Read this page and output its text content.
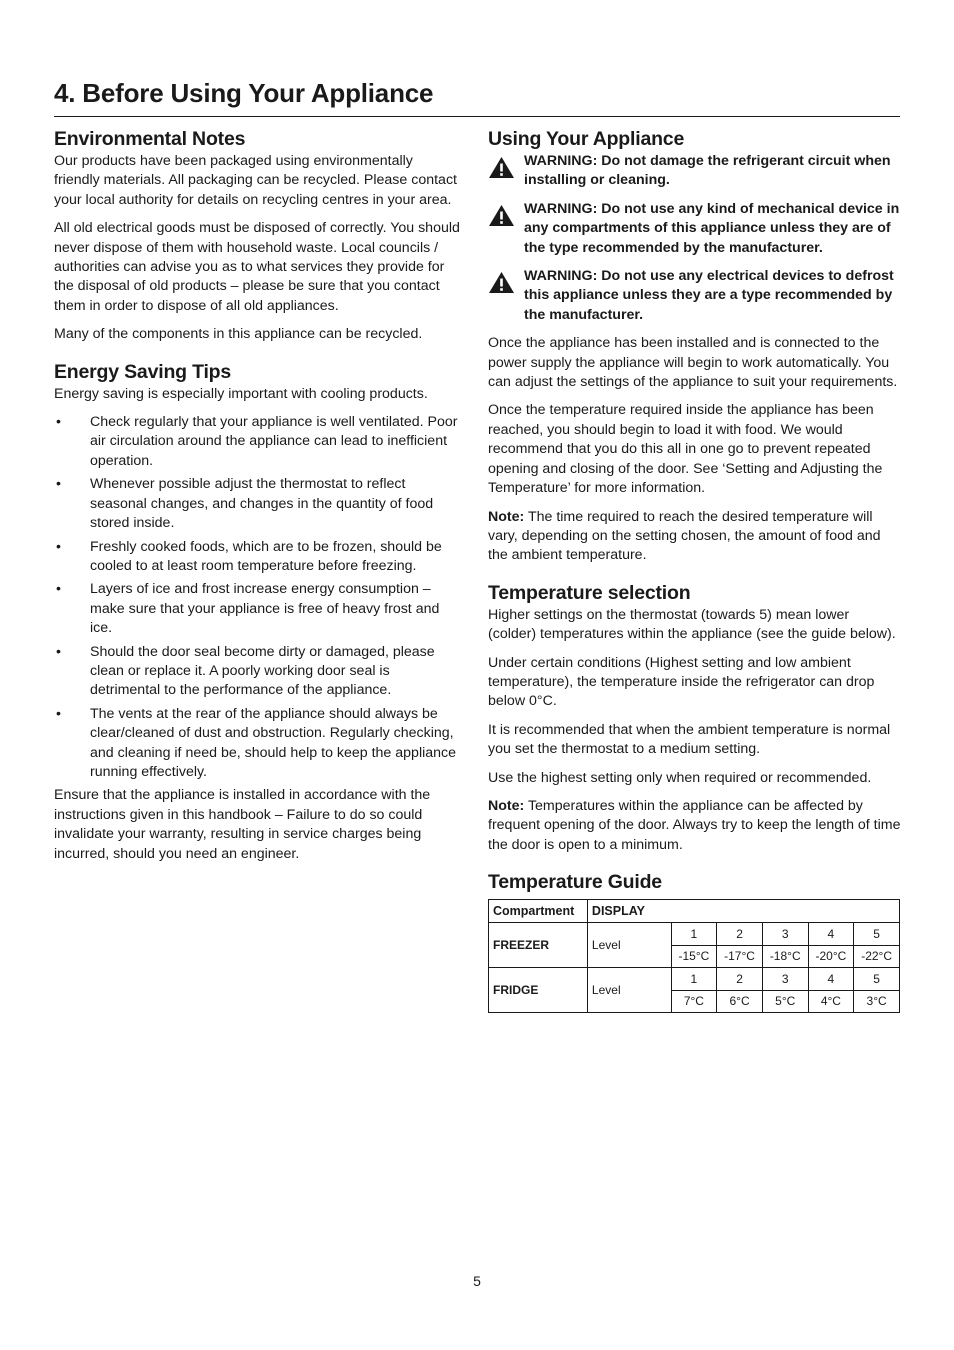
4. Before Using Your Appliance
Environmental Notes

Our products have been packaged using environmentally friendly materials. All packaging can be recycled. Please contact your local authority for details on recycling centres in your area.

All old electrical goods must be disposed of correctly. You should never dispose of them with household waste. Local councils / authorities can advise you as to what services they provide for the disposal of old products – please be sure that you contact them in order to dispose of all old appliances.

Many of the components in this appliance can be recycled.

Energy Saving Tips

Energy saving is especially important with cooling products.

• Check regularly that your appliance is well ventilated. Poor air circulation around the appliance can lead to inefficient operation.
• Whenever possible adjust the thermostat to reflect seasonal changes, and changes in the quantity of food stored inside.
• Freshly cooked foods, which are to be frozen, should be cooled to at least room temperature before freezing.
• Layers of ice and frost increase energy consumption – make sure that your appliance is free of heavy frost and ice.
• Should the door seal become dirty or damaged, please clean or replace it. A poorly working door seal is detrimental to the performance of the appliance.
• The vents at the rear of the appliance should always be clear/cleaned of dust and obstruction. Regularly checking, and cleaning if need be, should help to keep the appliance running effectively.

Ensure that the appliance is installed in accordance with the instructions given in this handbook – Failure to do so could invalidate your warranty, resulting in service charges being incurred, should you need an engineer.

Using Your Appliance
WARNING: Do not damage the refrigerant circuit when installing or cleaning.
WARNING: Do not use any kind of mechanical device in any compartments of this appliance unless they are of the type recommended by the manufacturer.
WARNING: Do not use any electrical devices to defrost this appliance unless they are a type recommended by the manufacturer.

Once the appliance has been installed and is connected to the power supply the appliance will begin to work automatically. You can adjust the settings of the appliance to suit your requirements.

Once the temperature required inside the appliance has been reached, you should begin to load it with food. We would recommend that you do this all in one go to prevent repeated opening and closing of the door. See ‘Setting and Adjusting the Temperature’ for more information.

Note: The time required to reach the desired temperature will vary, depending on the setting chosen, the amount of food and the ambient temperature.

Temperature selection

Higher settings on the thermostat (towards 5) mean lower (colder) temperatures within the appliance (see the guide below).

Under certain conditions (Highest setting and low ambient temperature), the temperature inside the refrigerator can drop below 0°C.

It is recommended that when the ambient temperature is normal you set the thermostat to a medium setting.

Use the highest setting only when required or recommended.

Note: Temperatures within the appliance can be affected by frequent opening of the door. Always try to keep the length of time the door is open to a minimum.

Temperature Guide
Compartment	DISPLAY					
FREEZER	Level	1	2	3	4	5
		-15°C	-17°C	-18°C	-20°C	-22°C
FRIDGE	Level	1	2	3	4	5
		7°C	6°C	5°C	4°C	3°C
5
